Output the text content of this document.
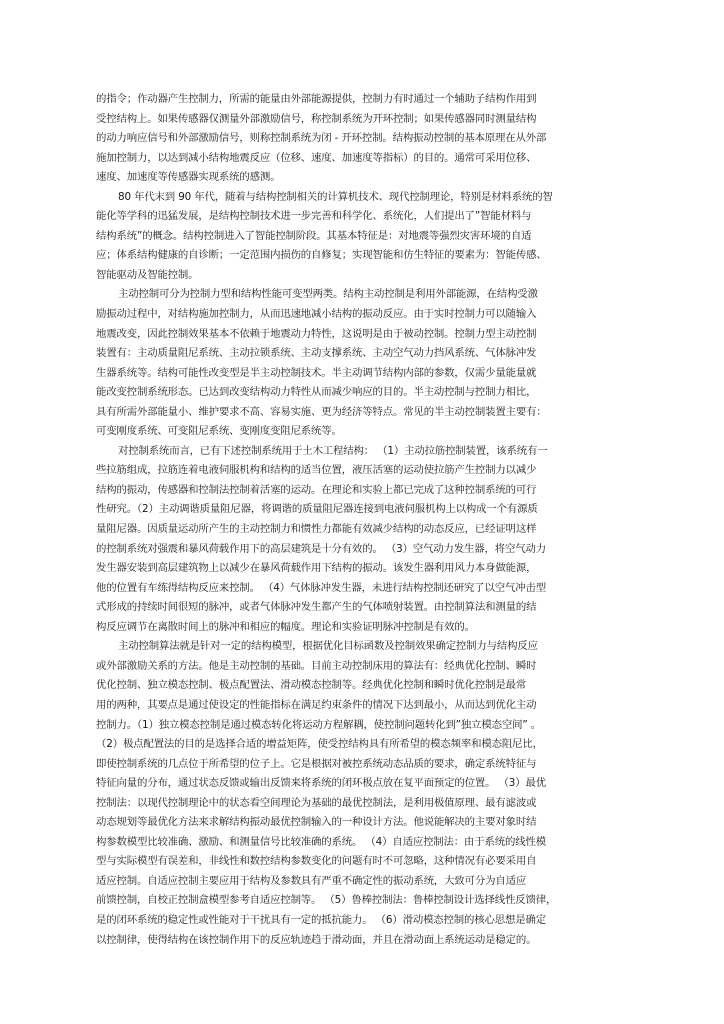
的指令；作动器产生控制力，所需的能量由外部能源提供，控制力有时通过一个辅助子结构作用到
受控结构上。如果传感器仅测量外部激励信号，称控制系统为开环控制；如果传感器同时测量结构
的动力响应信号和外部激励信号，则称控制系统为闭 - 开环控制。结构振动控制的基本原理在从外部
施加控制力，以达到减小结构地震反应（位移、速度、加速度等指标）的目的。通常可采用位移、
速度、加速度等传感器实现系统的感测。
80 年代末到 90 年代，随着与结构控制相关的计算机技术、现代控制理论，特别是材料系统的智
能化等学科的迅猛发展，是结构控制技术进一步完善和科学化、系统化，人们提出了”智能材料与
结构系统”的概念。结构控制进入了智能控制阶段。其基本特征是：对地震等强烈灾害环境的自适
应；体系结构健康的自诊断；一定范围内损伤的自修复；实现智能和仿生特征的要素为：智能传感、
智能驱动及智能控制。
主动控制可分为控制力型和结构性能可变型两类。结构主动控制是利用外部能源，在结构受激
励振动过程中，对结构施加控制力，从而迅速地减小结构的振动反应。由于实时控制力可以随输入
地震改变，因此控制效果基本不依赖于地震动力特性，这说明是由于被动控制。控制力型主动控制
装置有：主动质量阻尼系统、主动拉锁系统、主动支撑系统、主动空气动力挡风系统、气体脉冲发
生器系统等。结构可能性改变型是半主动控制技术。半主动调节结构内部的参数，仅需少量能量就
能改变控制系统形态。已达到改变结构动力特性从而减少响应的目的。半主动控制与控制力相比，
具有所需外部能量小、维护要求不高、容易实施、更为经济等特点。常见的半主动控制装置主要有：
可变刚度系统、可变阻尼系统、变刚度变阻尼系统等。
对控制系统而言，已有下述控制系统用于土木工程结构： （1）主动拉筋控制装置，该系统有一
些拉筋组成，拉筋连着电液伺服机构和结构的适当位置，液压活塞的运动使拉筋产生控制力以减少
结构的振动，传感器和控制法控制着活塞的运动。在理论和实验上都已完成了这种控制系统的可行
性研究。（2）主动调谐质量阻尼器，将调谐的质量阻尼器连接到电液伺服机构上以构成一个有源质
量阻尼器。因质量运动所产生的主动控制力和惯性力都能有效减少结构的动态反应，已经证明这样
的控制系统对强震和暴风荷载作用下的高层建筑是十分有效的。 （3）空气动力发生器，将空气动力
发生器安装到高层建筑物上以减少在暴风荷载作用下结构的振动。该发生器利用风力本身做能源，
他的位置有车练得结构反应来控制。 （4）气体脉冲发生器，未进行结构控制还研究了以空气冲击型
式形成的持续时间很短的脉冲，或者气体脉冲发生都产生的气体喷射装置。由控制算法和测量的结
构反应调节在离散时间上的脉冲和相应的幅度。理论和实验证明脉冲控制是有效的。
主动控制算法就是针对一定的结构模型，根据优化目标函数及控制效果确定控制力与结构反应
或外部激励关系的方法。他是主动控制的基础。目前主动控制床用的算法有：经典优化控制、瞬时
优化控制、独立模态控制、极点配置法、滑动模态控制等。经典优化控制和瞬时优化控制是最常
用的两种，其要点是通过使设定的性能指标在满足约束条件的情况下达到最小，从而达到优化主动
控制力。（1）独立模态控制是通过模态转化将运动方程解耦，使控制问题转化到”独立模态空间” 。
（2）极点配置法的目的是选择合适的增益矩阵，使受控结构具有所希望的模态频率和模态阻尼比，
即使控制系统的几点位于所希望的位子上。它是根据对被控系统动态品质的要求，确定系统特征与
特征向量的分布，通过状态反馈或输出反馈来将系统的闭环极点放在复平面预定的位置。 （3）最优
控制法：以现代控制理论中的状态看空间理论为基础的最优控制法，是利用极值原理、最有滤波或
动态规划等最优化方法来求解结构振动最优控制输入的一种设计方法。他说能解决的主要对象时结
构参数模型比较准确、激励、和测量信号比较准确的系统。 （4）自适应控制法：由于系统的线性模
型与实际模型有误差和，非线性和数控结构参数变化的问题有时不可忽略，这种情况有必要采用自
适应控制。自适应控制主要应用于结构及参数具有严重不确定性的振动系统，大致可分为自适应
前馈控制，自校正控制盒模型参考自适应控制等。 （5）鲁棒控制法：鲁棒控制设计选择线性反馈律，
是的闭环系统的稳定性或性能对于干扰具有一定的抵抗能力。 （6）滑动模态控制的核心思想是确定
以控制律，使得结构在该控制作用下的反应轨迹趋于滑动面，并且在滑动面上系统运动是稳定的。
